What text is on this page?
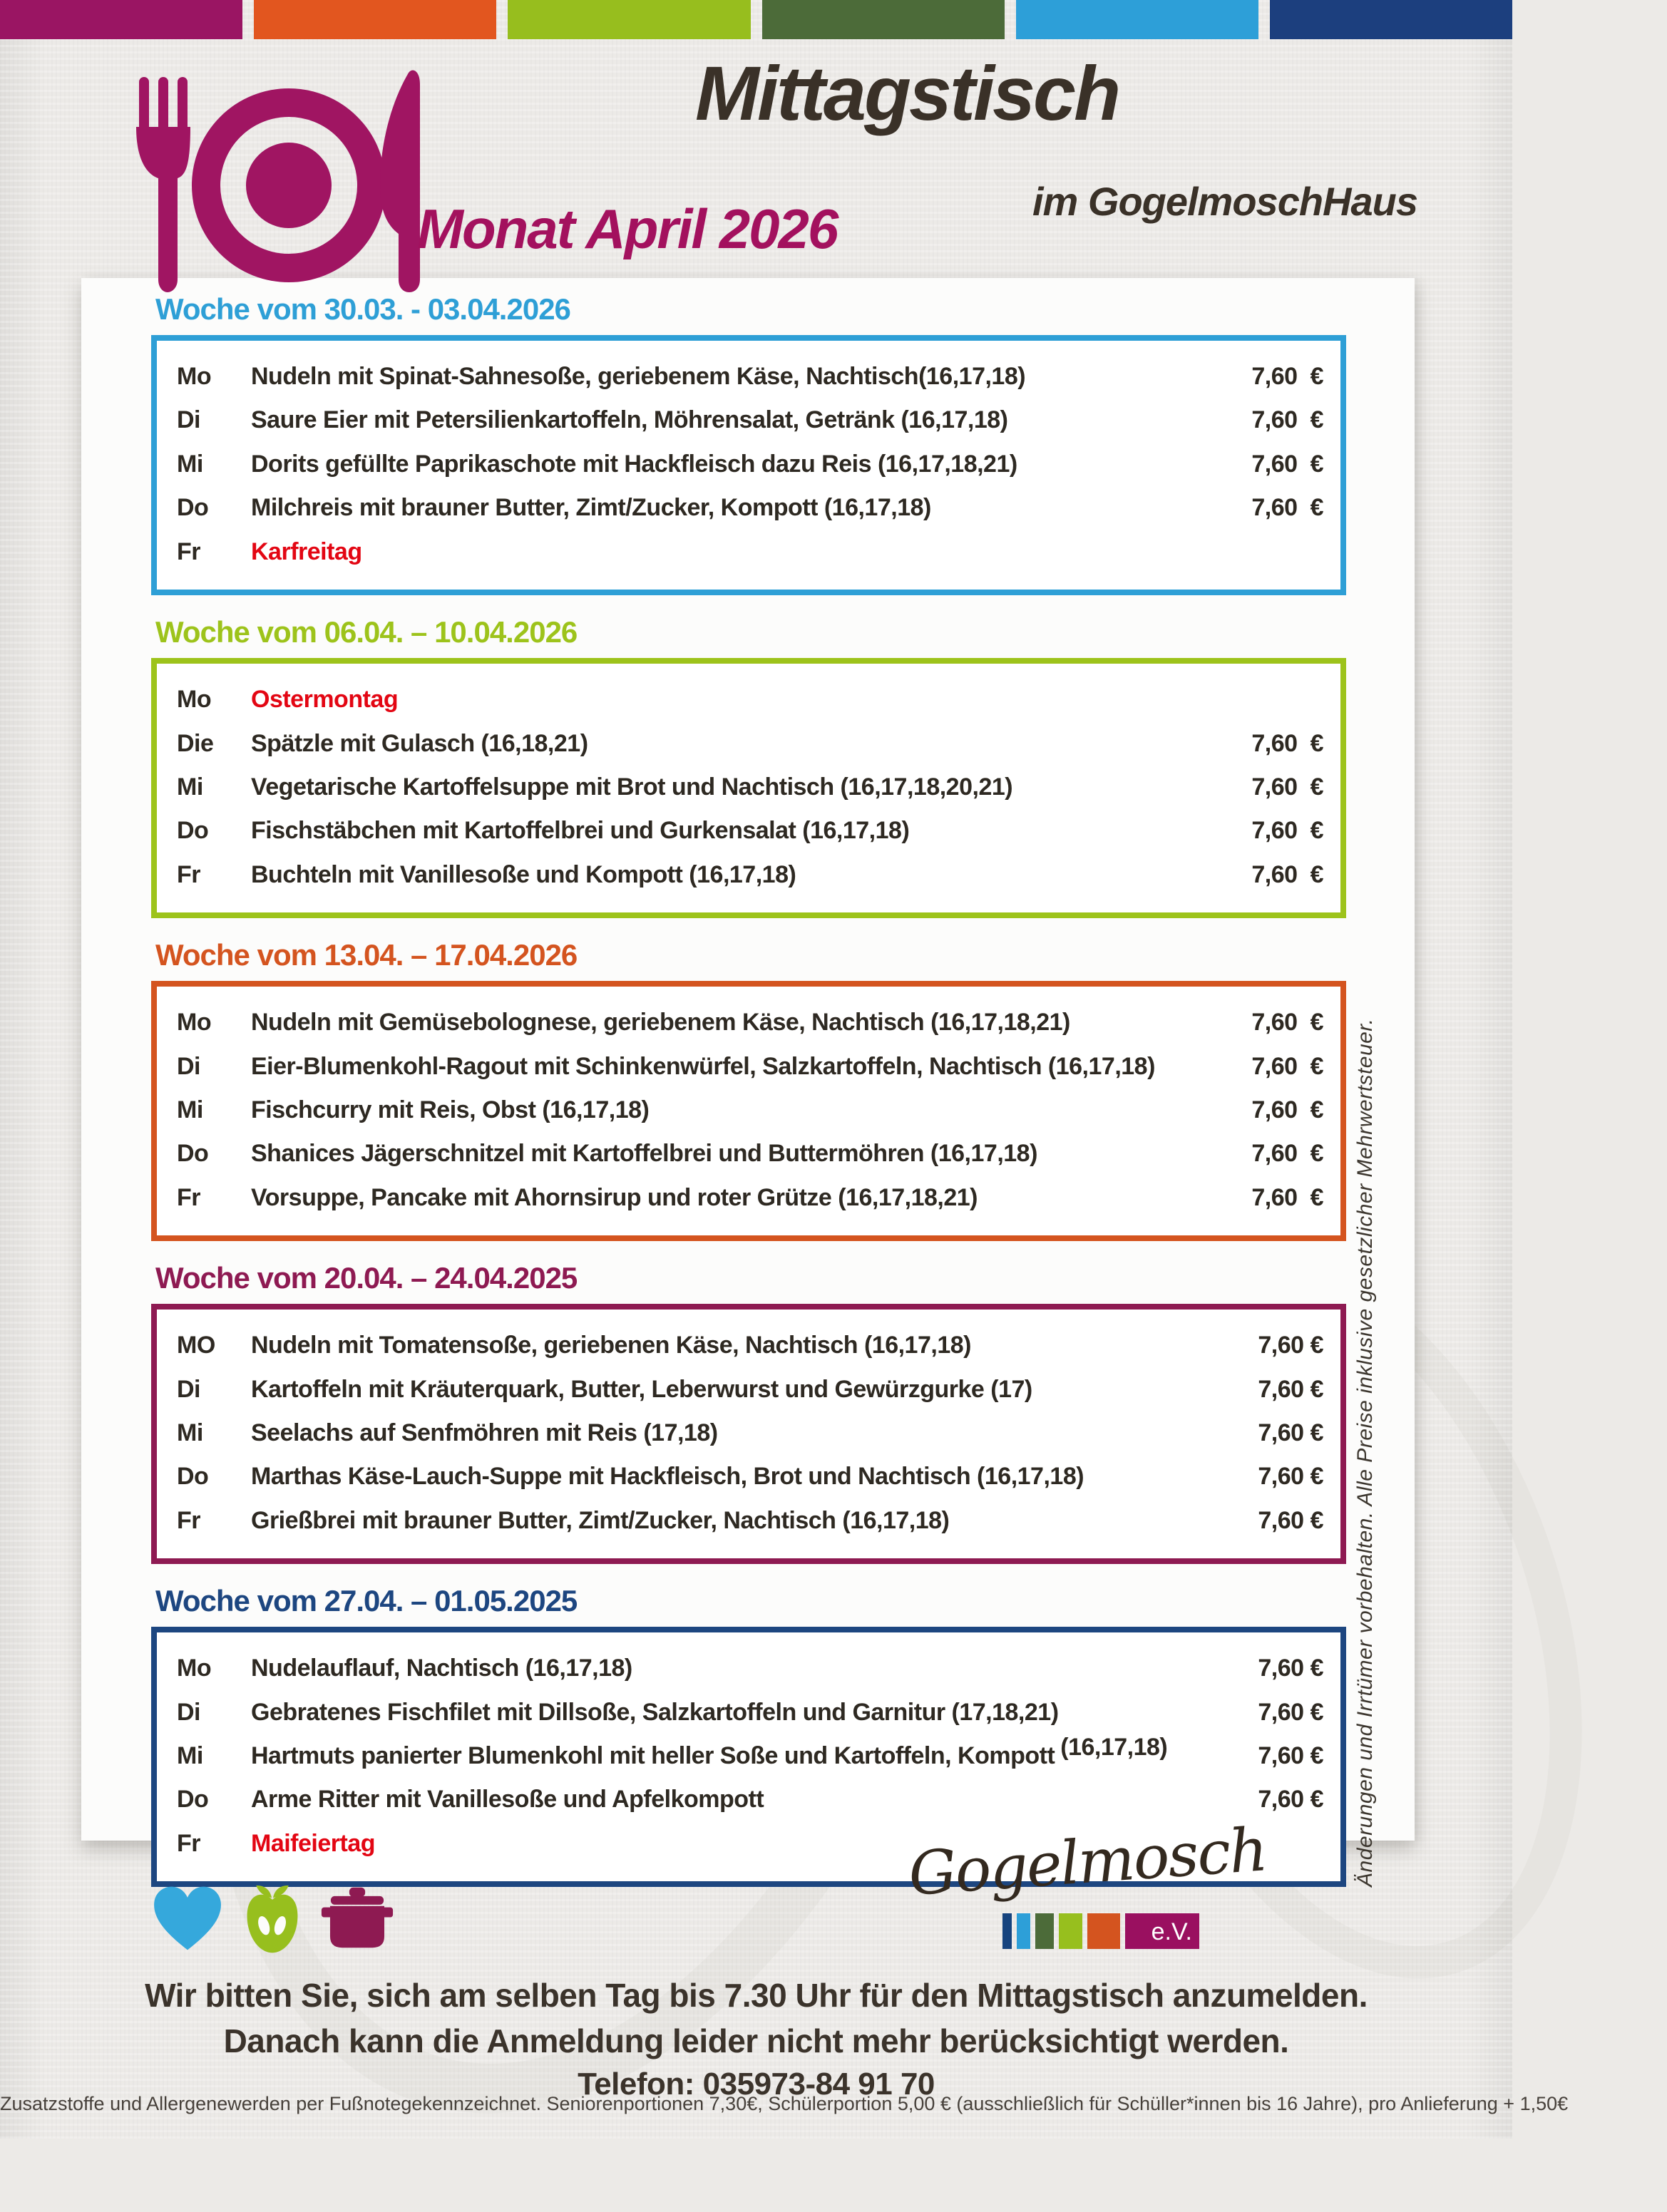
Mittagstisch
im GogelmoschHaus
Monat April 2026
Woche vom 30.03. - 03.04.2026
Mo	Nudeln mit Spinat-Sahnesoße, geriebenem Käse, Nachtisch(16,17,18)	7,60 €
Di	Saure Eier mit Petersilienkartoffeln, Möhrensalat, Getränk (16,17,18)	7,60 €
Mi	Dorits gefüllte Paprikaschote mit Hackfleisch dazu Reis (16,17,18,21)	7,60 €
Do	Milchreis mit brauner Butter, Zimt/Zucker, Kompott (16,17,18)	7,60 €
Fr	Karfreitag
Woche vom 06.04. – 10.04.2026
Mo	Ostermontag
Die	Spätzle mit Gulasch (16,18,21)	7,60 €
Mi	Vegetarische Kartoffelsuppe mit Brot und Nachtisch (16,17,18,20,21)	7,60 €
Do	Fischstäbchen mit Kartoffelbrei und Gurkensalat (16,17,18)	7,60 €
Fr	Buchteln mit Vanillesoße und Kompott (16,17,18)	7,60 €
Woche vom 13.04. – 17.04.2026
Mo	Nudeln mit Gemüsebolognese, geriebenem Käse, Nachtisch (16,17,18,21)	7,60 €
Di	Eier-Blumenkohl-Ragout mit Schinkenwürfel, Salzkartoffeln, Nachtisch (16,17,18)	7,60 €
Mi	Fischcurry mit Reis, Obst (16,17,18)	7,60 €
Do	Shanices Jägerschnitzel mit Kartoffelbrei und Buttermöhren (16,17,18)	7,60 €
Fr	Vorsuppe, Pancake mit Ahornsirup und roter Grütze (16,17,18,21)	7,60 €
Woche vom 20.04. – 24.04.2025
MO	Nudeln mit Tomatensoße, geriebenen Käse, Nachtisch (16,17,18)	7,60 €
Di	Kartoffeln mit Kräuterquark, Butter, Leberwurst und Gewürzgurke (17)	7,60 €
Mi	Seelachs auf Senfmöhren mit Reis (17,18)	7,60 €
Do	Marthas Käse-Lauch-Suppe mit Hackfleisch, Brot und Nachtisch (16,17,18)	7,60 €
Fr	Grießbrei mit brauner Butter, Zimt/Zucker, Nachtisch (16,17,18)	7,60 €
Woche vom 27.04. – 01.05.2025
Mo	Nudelauflauf, Nachtisch (16,17,18)	7,60 €
Di	Gebratenes Fischfilet mit Dillsoße, Salzkartoffeln und Garnitur (17,18,21)	7,60 €
Mi	Hartmuts panierter Blumenkohl mit heller Soße und Kartoffeln, Kompott (16,17,18)	7,60 €
Do	Arme Ritter mit Vanillesoße und Apfelkompott	7,60 €
Fr	Maifeiertag	Änderungen und Irrtümer vorbehalten. Alle Preise inklusive gesetzlicher Mehrwertsteuer.
Gogelmosch
e.V.
Wir bitten Sie, sich am selben Tag bis 7.30 Uhr für den Mittagstisch anzumelden.
Danach kann die Anmeldung leider nicht mehr berücksichtigt werden.
Telefon: 035973-84 91 70
Zusatzstoffe und Allergenewerden per Fußnotegekennzeichnet. Seniorenportionen 7,30€, Schülerportion 5,00 € (ausschließlich für Schüller*innen bis 16 Jahre), pro Anlieferung + 1,50€
